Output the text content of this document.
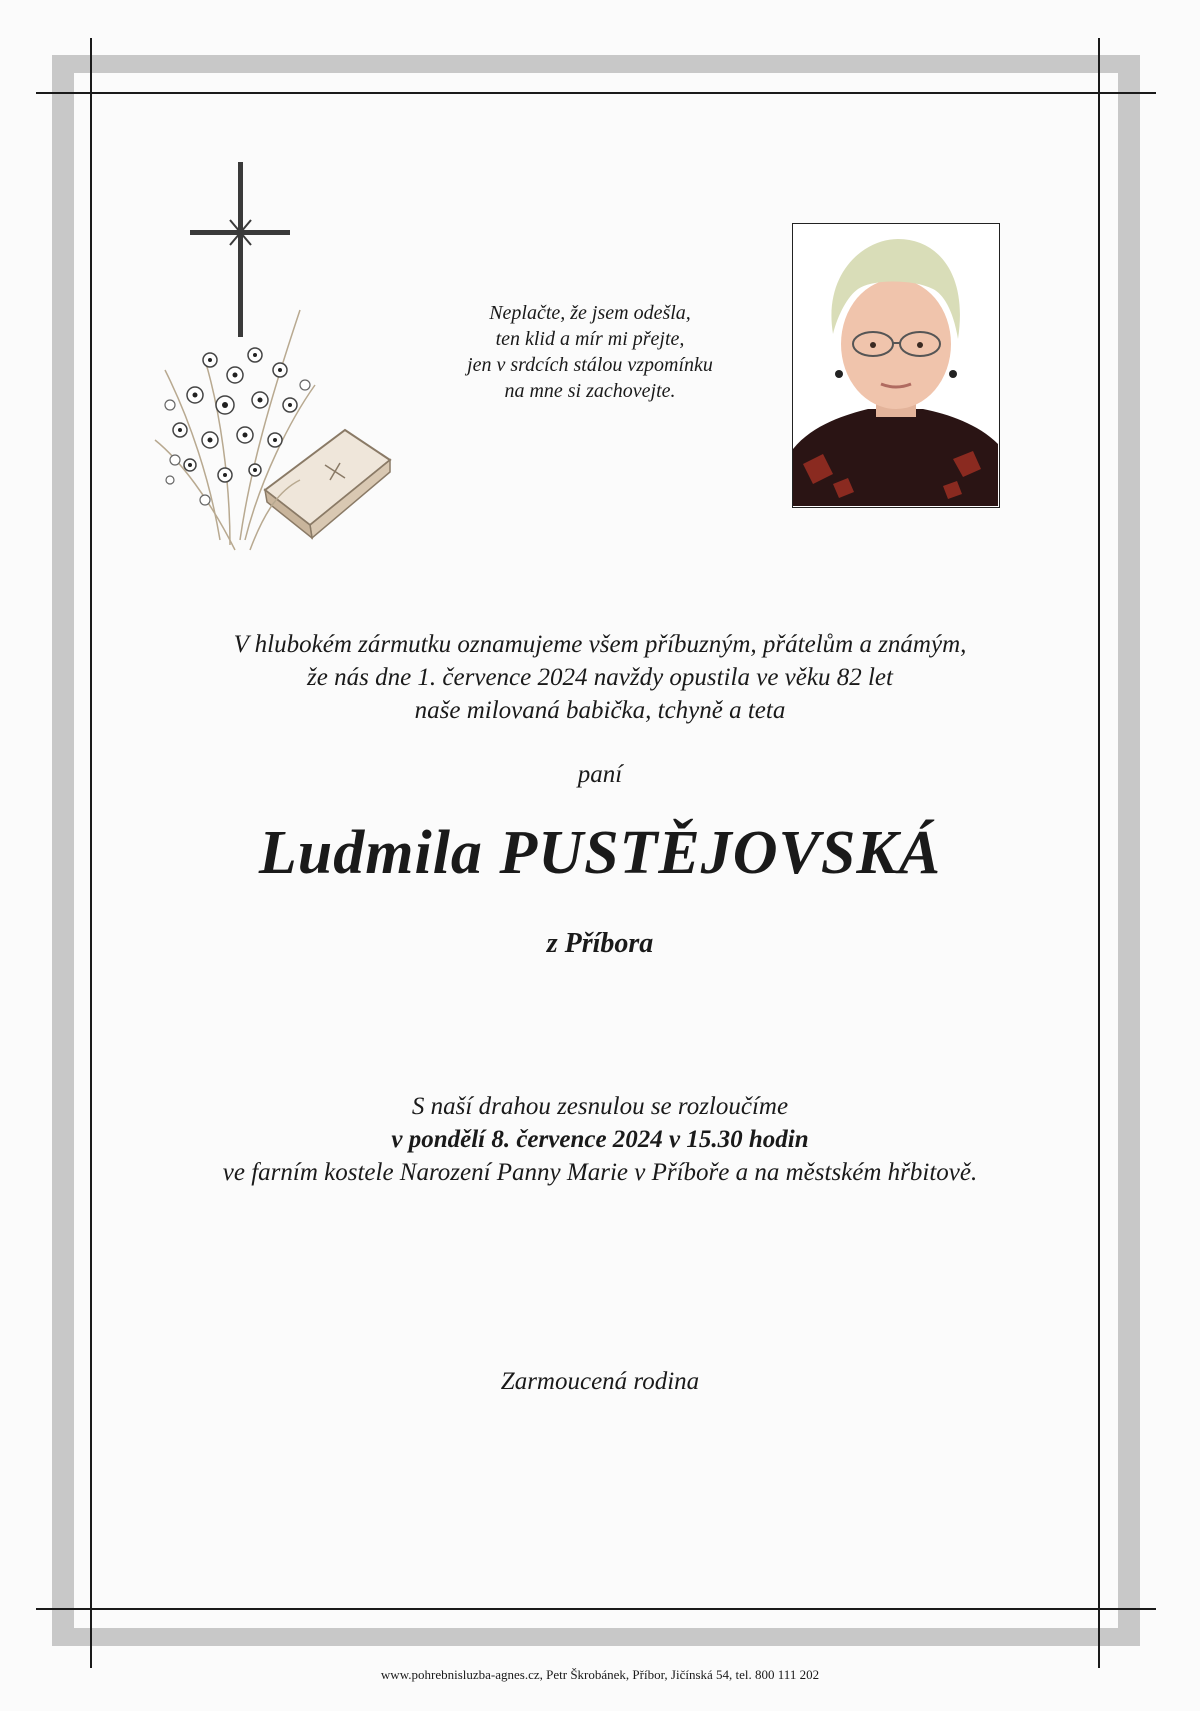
Neplačte, že jsem odešla,
ten klid a mír mi přejte,
jen v srdcích stálou vzpomínku
na mne si zachovejte.
V hlubokém zármutku oznamujeme všem příbuzným, přátelům a známým,
že nás dne 1. července 2024 navždy opustila ve věku 82 let
naše milovaná babička, tchyně a teta
paní
Ludmila PUSTĚJOVSKÁ
z Příbora
S naší drahou zesnulou se rozloučíme
v pondělí 8. července 2024 v 15.30 hodin
ve farním kostele Narození Panny Marie v Příboře a na městském hřbitově.
Zarmoucená rodina
www.pohrebnisluzba-agnes.cz, Petr Škrobánek, Příbor, Jičínská 54, tel. 800 111 202
